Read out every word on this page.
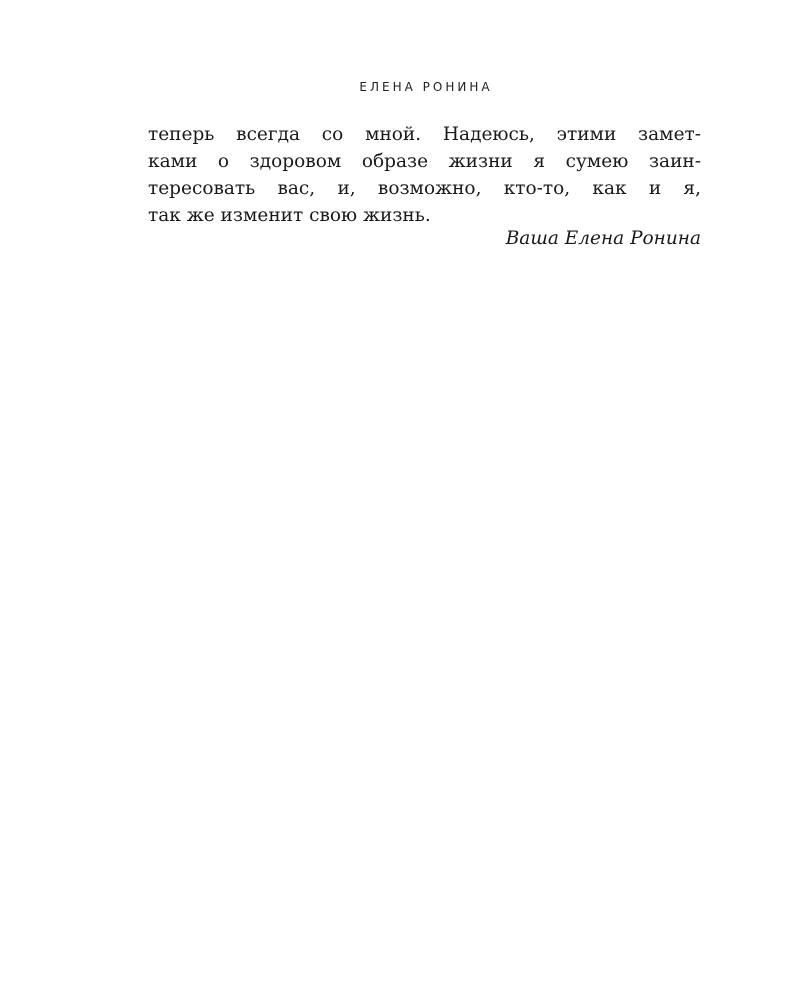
ЕЛЕНА РОНИНА
теперь всегда со мной. Надеюсь, этими замет-
ками о здоровом образе жизни я сумею заин-
тересовать вас, и, возможно, кто-то, как и я,
так же изменит свою жизнь.
Ваша Елена Ронина
